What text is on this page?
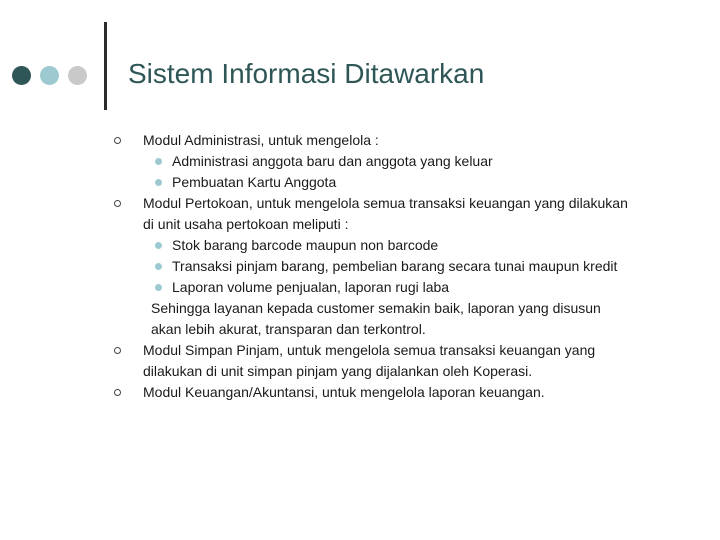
Sistem Informasi Ditawarkan
Modul Administrasi, untuk mengelola :
Administrasi anggota baru dan anggota yang keluar
Pembuatan Kartu Anggota
Modul Pertokoan, untuk mengelola semua transaksi keuangan yang dilakukan
di unit usaha pertokoan meliputi :
Stok barang barcode maupun non barcode
Transaksi pinjam barang, pembelian barang secara tunai maupun kredit
Laporan volume penjualan, laporan rugi laba
Sehingga layanan kepada customer semakin baik, laporan yang disusun
akan lebih akurat, transparan dan terkontrol.
Modul Simpan Pinjam, untuk mengelola semua transaksi keuangan yang
dilakukan di unit simpan pinjam yang dijalankan oleh Koperasi.
Modul Keuangan/Akuntansi, untuk mengelola laporan keuangan.
